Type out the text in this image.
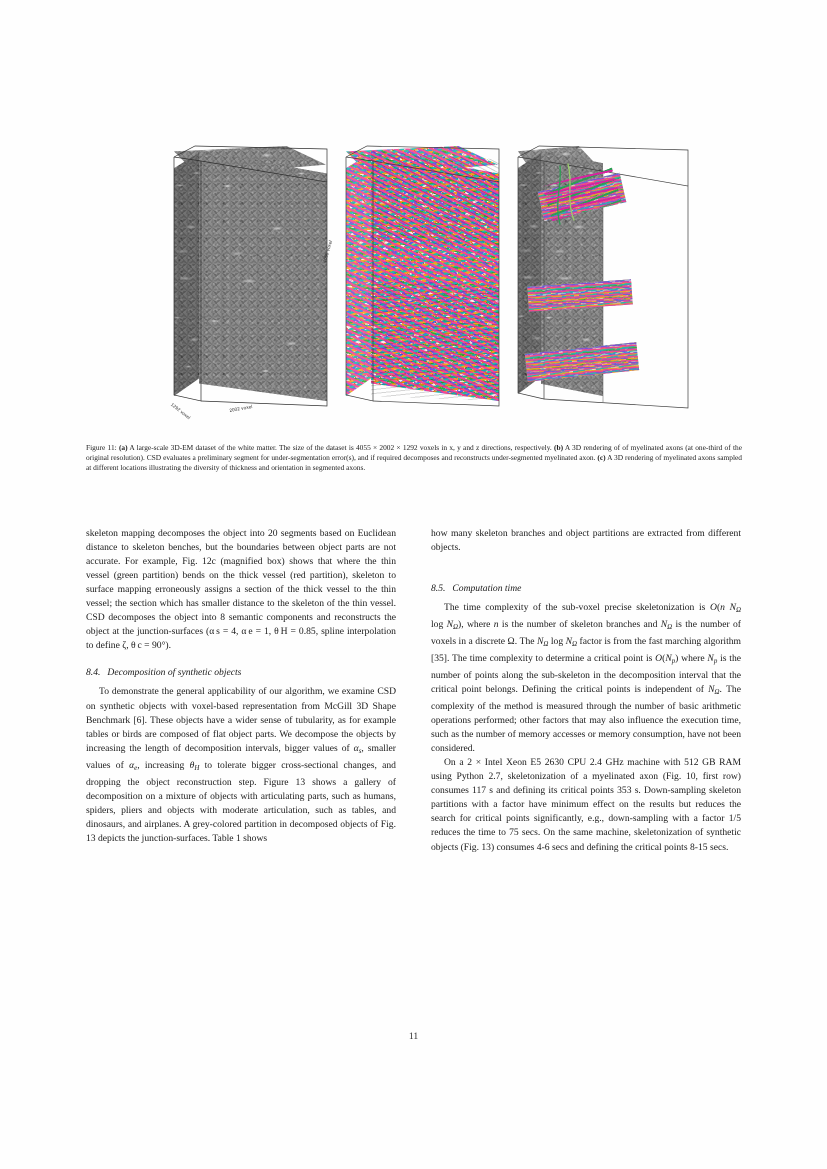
4055 voxel
2002 voxel
1292 voxel
Figure 11: (a) A large-scale 3D-EM dataset of the white matter. The size of the dataset is 4055 × 2002 × 1292 voxels in x, y and z directions, respectively. (b) A 3D rendering of of myelinated axons (at one-third of the original resolution). CSD evaluates a preliminary segment for under-segmentation error(s), and if required decomposes and reconstructs under-segmented myelinated axon. (c) A 3D rendering of myelinated axons sampled at different locations illustrating the diversity of thickness and orientation in segmented axons.

skeleton mapping decomposes the object into 20 segments based on Euclidean distance to skeleton benches, but the boundaries between object parts are not accurate. For example, Fig. 12c (magnified box) shows that where the thin vessel (green partition) bends on the thick vessel (red partition), skeleton to surface mapping erroneously assigns a section of the thick vessel to the thin vessel; the section which has smaller distance to the skeleton of the thin vessel. CSD decomposes the object into 8 semantic components and reconstructs the object at the junction-surfaces (α s = 4, α e = 1, θ H = 0.85, spline interpolation to define ζ, θ c = 90°).

8.4. Decomposition of synthetic objects

To demonstrate the general applicability of our algorithm, we examine CSD on synthetic objects with voxel-based representation from McGill 3D Shape Benchmark [6]. These objects have a wider sense of tubularity, as for example tables or birds are composed of flat object parts. We decompose the objects by increasing the length of decomposition intervals, bigger values of $\alpha_s$, smaller values of $\alpha_e$, increasing $\theta_H$ to tolerate bigger cross-sectional changes, and dropping the object reconstruction step. Figure 13 shows a gallery of decomposition on a mixture of objects with articulating parts, such as humans, spiders, pliers and objects with moderate articulation, such as tables, and dinosaurs, and airplanes. A grey-colored partition in decomposed objects of Fig. 13 depicts the junction-surfaces. Table 1 shows

how many skeleton branches and object partitions are extracted from different objects.

8.5. Computation time

The time complexity of the sub-voxel precise skeletonization is O(n $N_\Omega$ $\log N_\Omega$), where n is the number of skeleton branches and $N_\Omega$ is the number of voxels in a discrete Ω. The $N_\Omega$ $\log N_\Omega$ factor is from the fast marching algorithm [35]. The time complexity to determine a critical point is $O(N_p)$ where $N_p$ is the number of points along the sub-skeleton in the decomposition interval that the critical point belongs. Defining the critical points is independent of $N_\Omega$. The complexity of the method is measured through the number of basic arithmetic operations performed; other factors that may also influence the execution time, such as the number of memory accesses or memory consumption, have not been considered.

On a 2 × Intel Xeon E5 2630 CPU 2.4 GHz machine with 512 GB RAM using Python 2.7, skeletonization of a myelinated axon (Fig. 10, first row) consumes 117 s and defining its critical points 353 s. Down-sampling skeleton partitions with a factor have minimum effect on the results but reduces the search for critical points significantly, e.g., down-sampling with a factor 1/5 reduces the time to 75 secs. On the same machine, skeletonization of synthetic objects (Fig. 13) consumes 4-6 secs and defining the critical points 8-15 secs.

11
